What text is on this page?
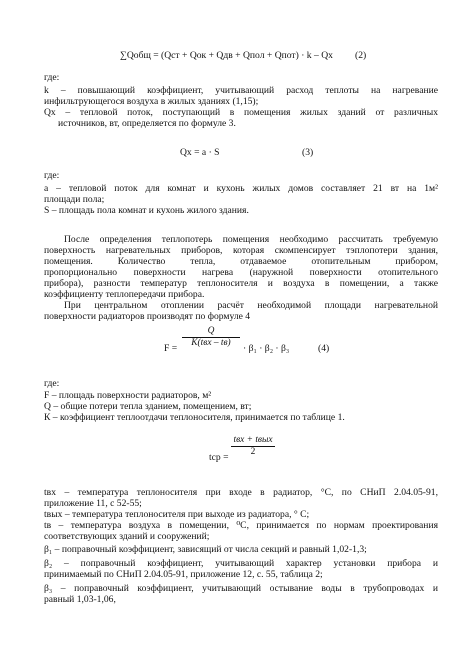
∑Qобщ = (Qст + Qок + Qдв + Qпол + Qпот) · k – Qх (2)
где:
k – повышающий коэффициент, учитывающий расход теплоты на нагревание
инфильтрующегося воздуха в жилых зданиях (1,15);
Qх – тепловой поток, поступающий в помещения жилых зданий от различных
источников, вт, определяется по формуле 3.
Qх = а · S	(3)
где:
а – тепловой поток для комнат и кухонь жилых домов составляет 21 вт на 1м²
площади пола;
S – площадь пола комнат и кухонь жилого здания.
После определения теплопотерь помещения необходимо рассчитать требуемую
поверхность нагревательных приборов, которая скомпенсирует тэплопотери здания,
помещения. Количество тепла, отдаваемое отопительным прибором,
пропорционально поверхности нагрева (наружной поверхности отопительного
прибора), разности температур теплоносителя и воздуха в помещении, а также
коэффициенту теплопередачи прибора.
При центральном отоплении расчёт необходимой площади нагревательной
поверхности радиаторов производят по формуле 4
F =
Q
K(tвх – tв)	· β₁ · β₂ · β₃	(4)
где:
F – площадь поверхности радиаторов, м²
Q – общие потери тепла зданием, помещением, вт;
К – коэффициент теплоотдачи теплоносителя, принимается по таблице 1.
tср =
tвх + tвых
2
tвх – температура теплоносителя при входе в радиатор, °С, по СНиП 2.04.05-91,
приложение 11, с 52-55;
tвых – температура теплоносителя при выходе из радиатора, ° С;
tв – температура воздуха в помещении, ⁰С, принимается по нормам проектирования
соответствующих зданий и сооружений;
β₁ – поправочный коэффициент, зависящий от числа секций и равный 1,02-1,3;
β₂ – поправочный коэффициент, учитывающий характер установки прибора и
принимаемый по СНиП 2.04.05-91, приложение 12, с. 55, таблица 2;
β₃ – поправочный коэффициент, учитывающий остывание воды в трубопроводах и
равный 1,03-1,06,
